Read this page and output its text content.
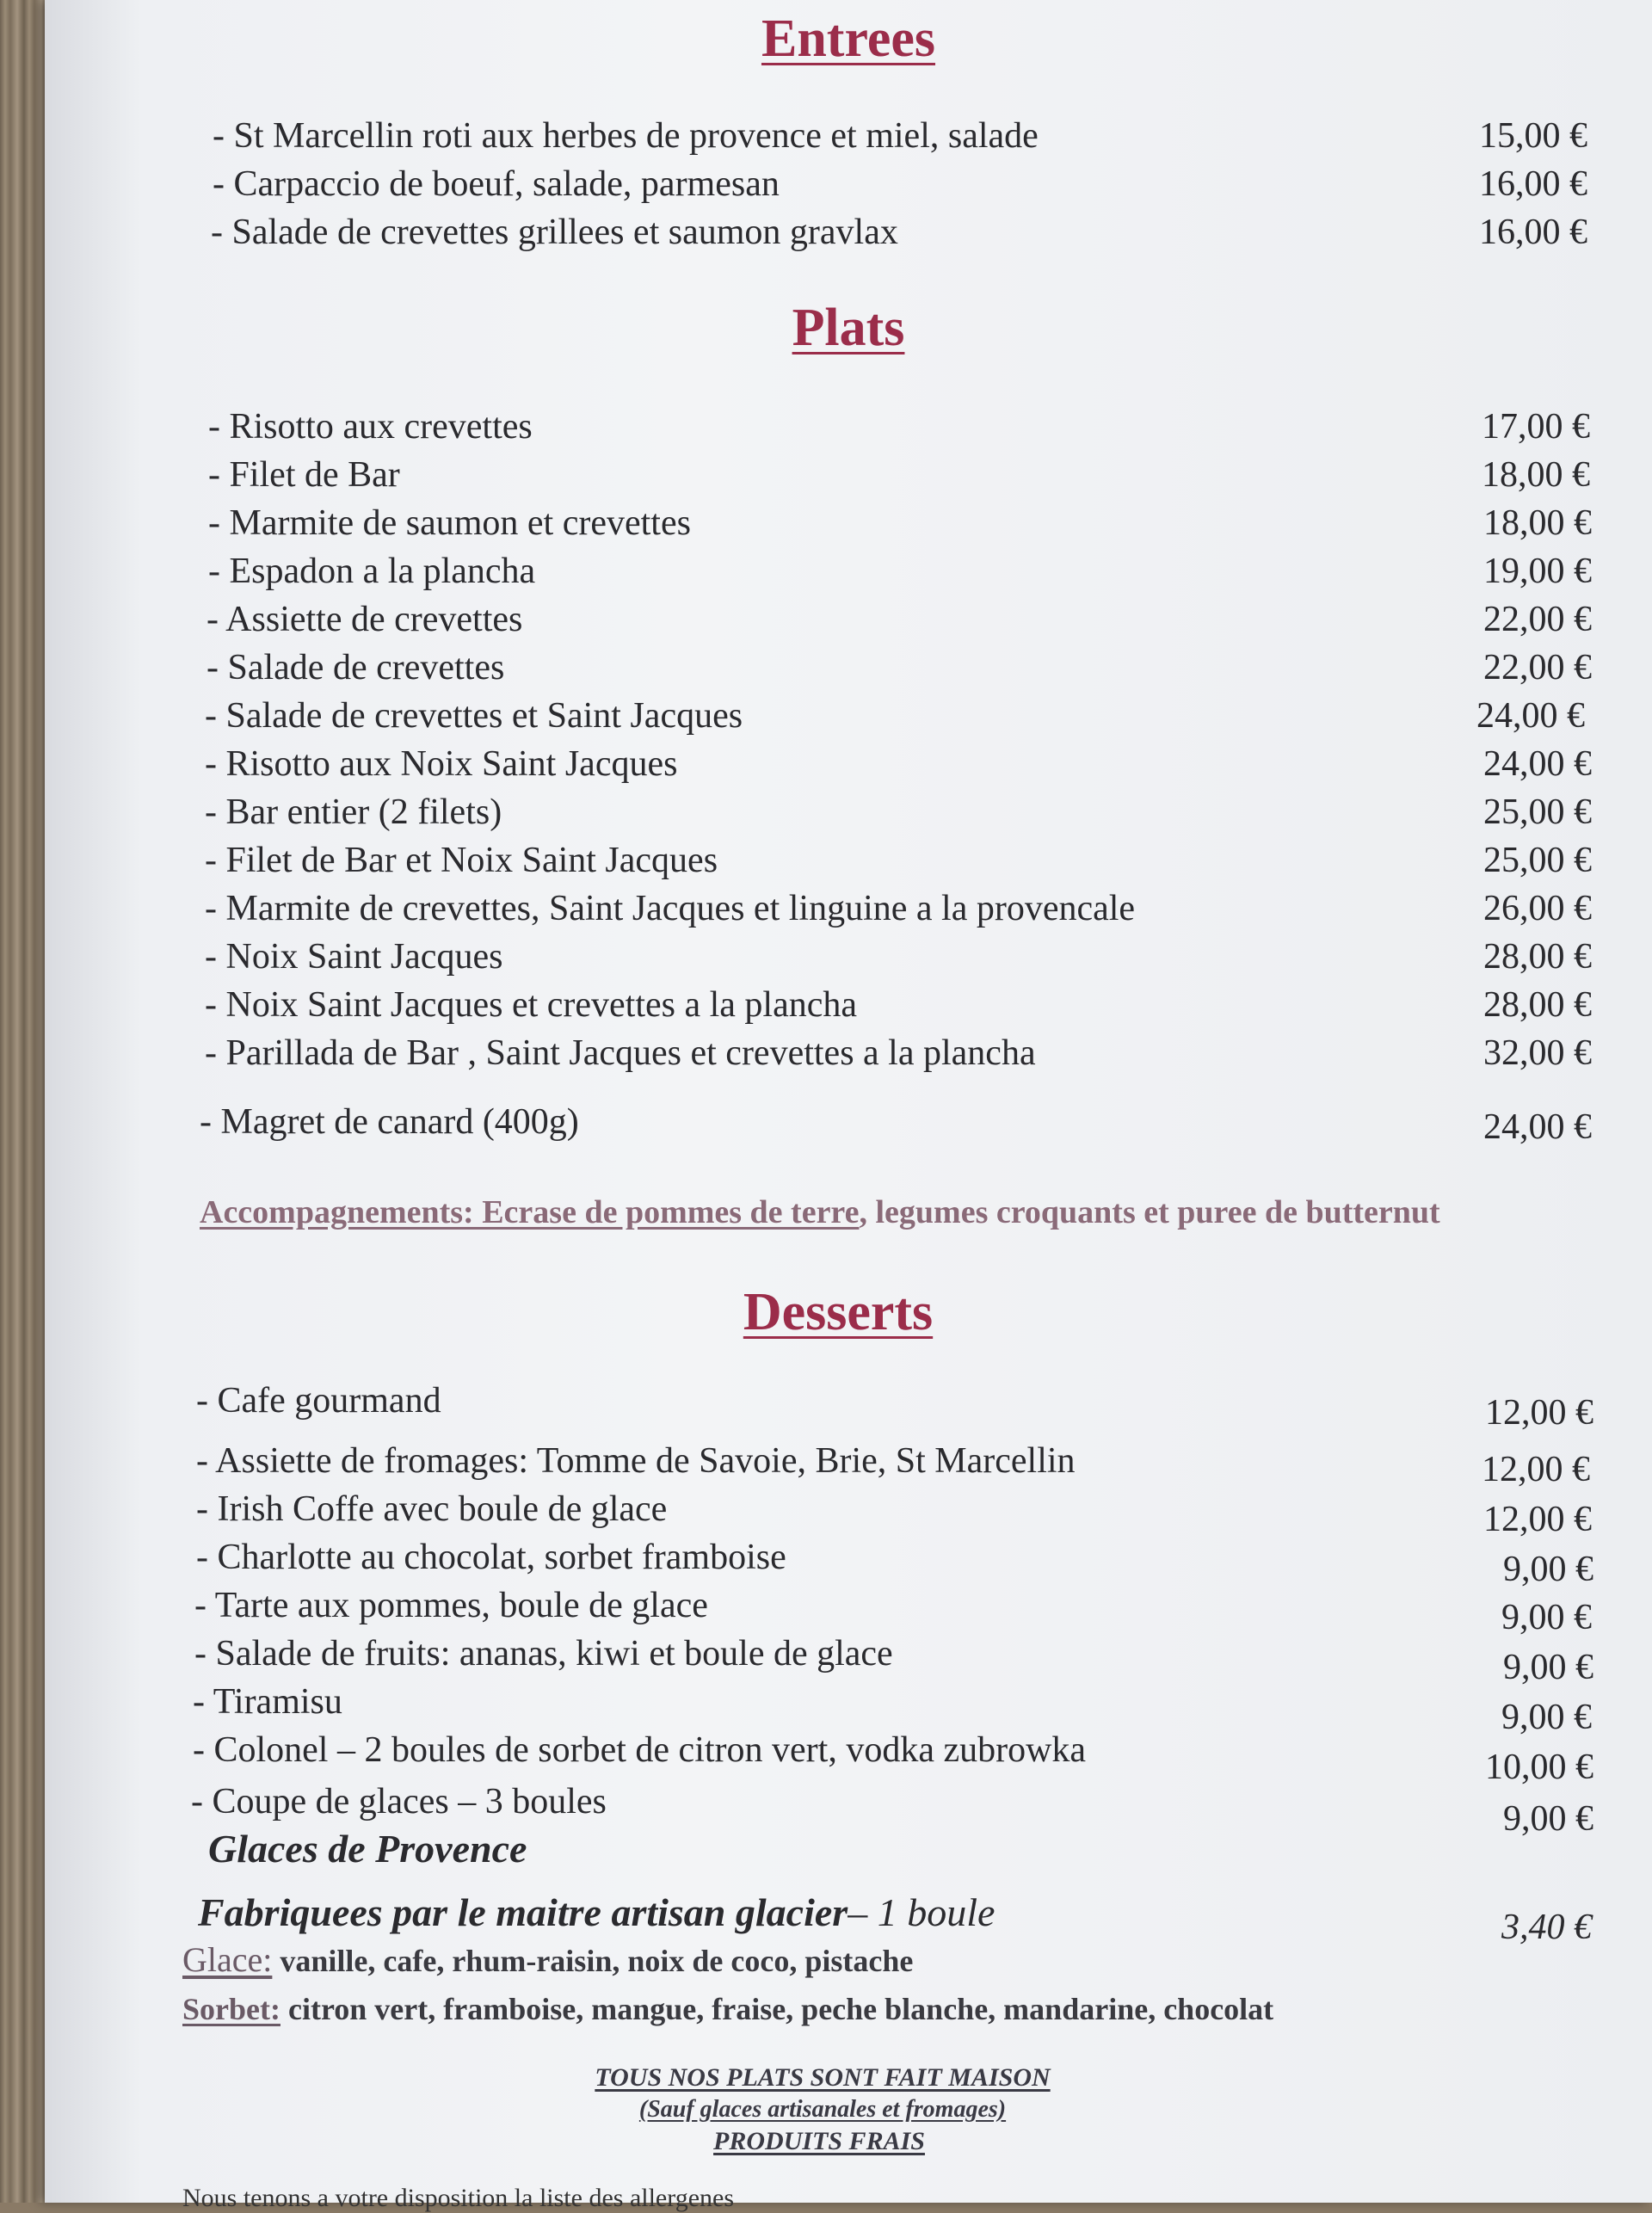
Entrees
- St Marcellin roti aux herbes de provence et miel, salade	15,00 €
- Carpaccio de boeuf, salade, parmesan	16,00 €
- Salade de crevettes grillees et saumon gravlax	16,00 €
Plats
- Risotto aux crevettes	17,00 €
- Filet de Bar	18,00 €
- Marmite de saumon et crevettes	18,00 €
- Espadon a la plancha	19,00 €
- Assiette de crevettes	22,00 €
- Salade de crevettes	22,00 €
- Salade de crevettes et Saint Jacques	24,00 €
- Risotto aux Noix Saint Jacques	24,00 €
- Bar entier (2 filets)	25,00 €
- Filet de Bar et Noix Saint Jacques	25,00 €
- Marmite de crevettes, Saint Jacques et linguine a la provencale	26,00 €
- Noix Saint Jacques	28,00 €
- Noix Saint Jacques et crevettes a la plancha	28,00 €
- Parillada de Bar , Saint Jacques et crevettes a la plancha	32,00 €
- Magret de canard (400g)	24,00 €
Accompagnements: Ecrase de pommes de terre, legumes croquants et puree de butternut
Desserts
- Cafe gourmand	12,00 €
- Assiette de fromages: Tomme de Savoie, Brie, St Marcellin	12,00 €
- Irish Coffe avec boule de glace	12,00 €
- Charlotte au chocolat, sorbet framboise	9,00 €
- Tarte aux pommes, boule de glace	9,00 €
- Salade de fruits: ananas, kiwi et boule de glace	9,00 €
- Tiramisu	9,00 €
- Colonel – 2 boules de sorbet de citron vert, vodka zubrowka	10,00 €
- Coupe de glaces – 3 boules	9,00 €
Glaces de Provence
Fabriquees par le maitre artisan glacier– 1 boule	3,40 €
Glace: vanille, cafe, rhum-raisin, noix de coco, pistache
Sorbet: citron vert, framboise, mangue, fraise, peche blanche, mandarine, chocolat
TOUS NOS PLATS SONT FAIT MAISON
(Sauf glaces artisanales et fromages)
PRODUITS FRAIS
Nous tenons a votre disposition la liste des allergenes
